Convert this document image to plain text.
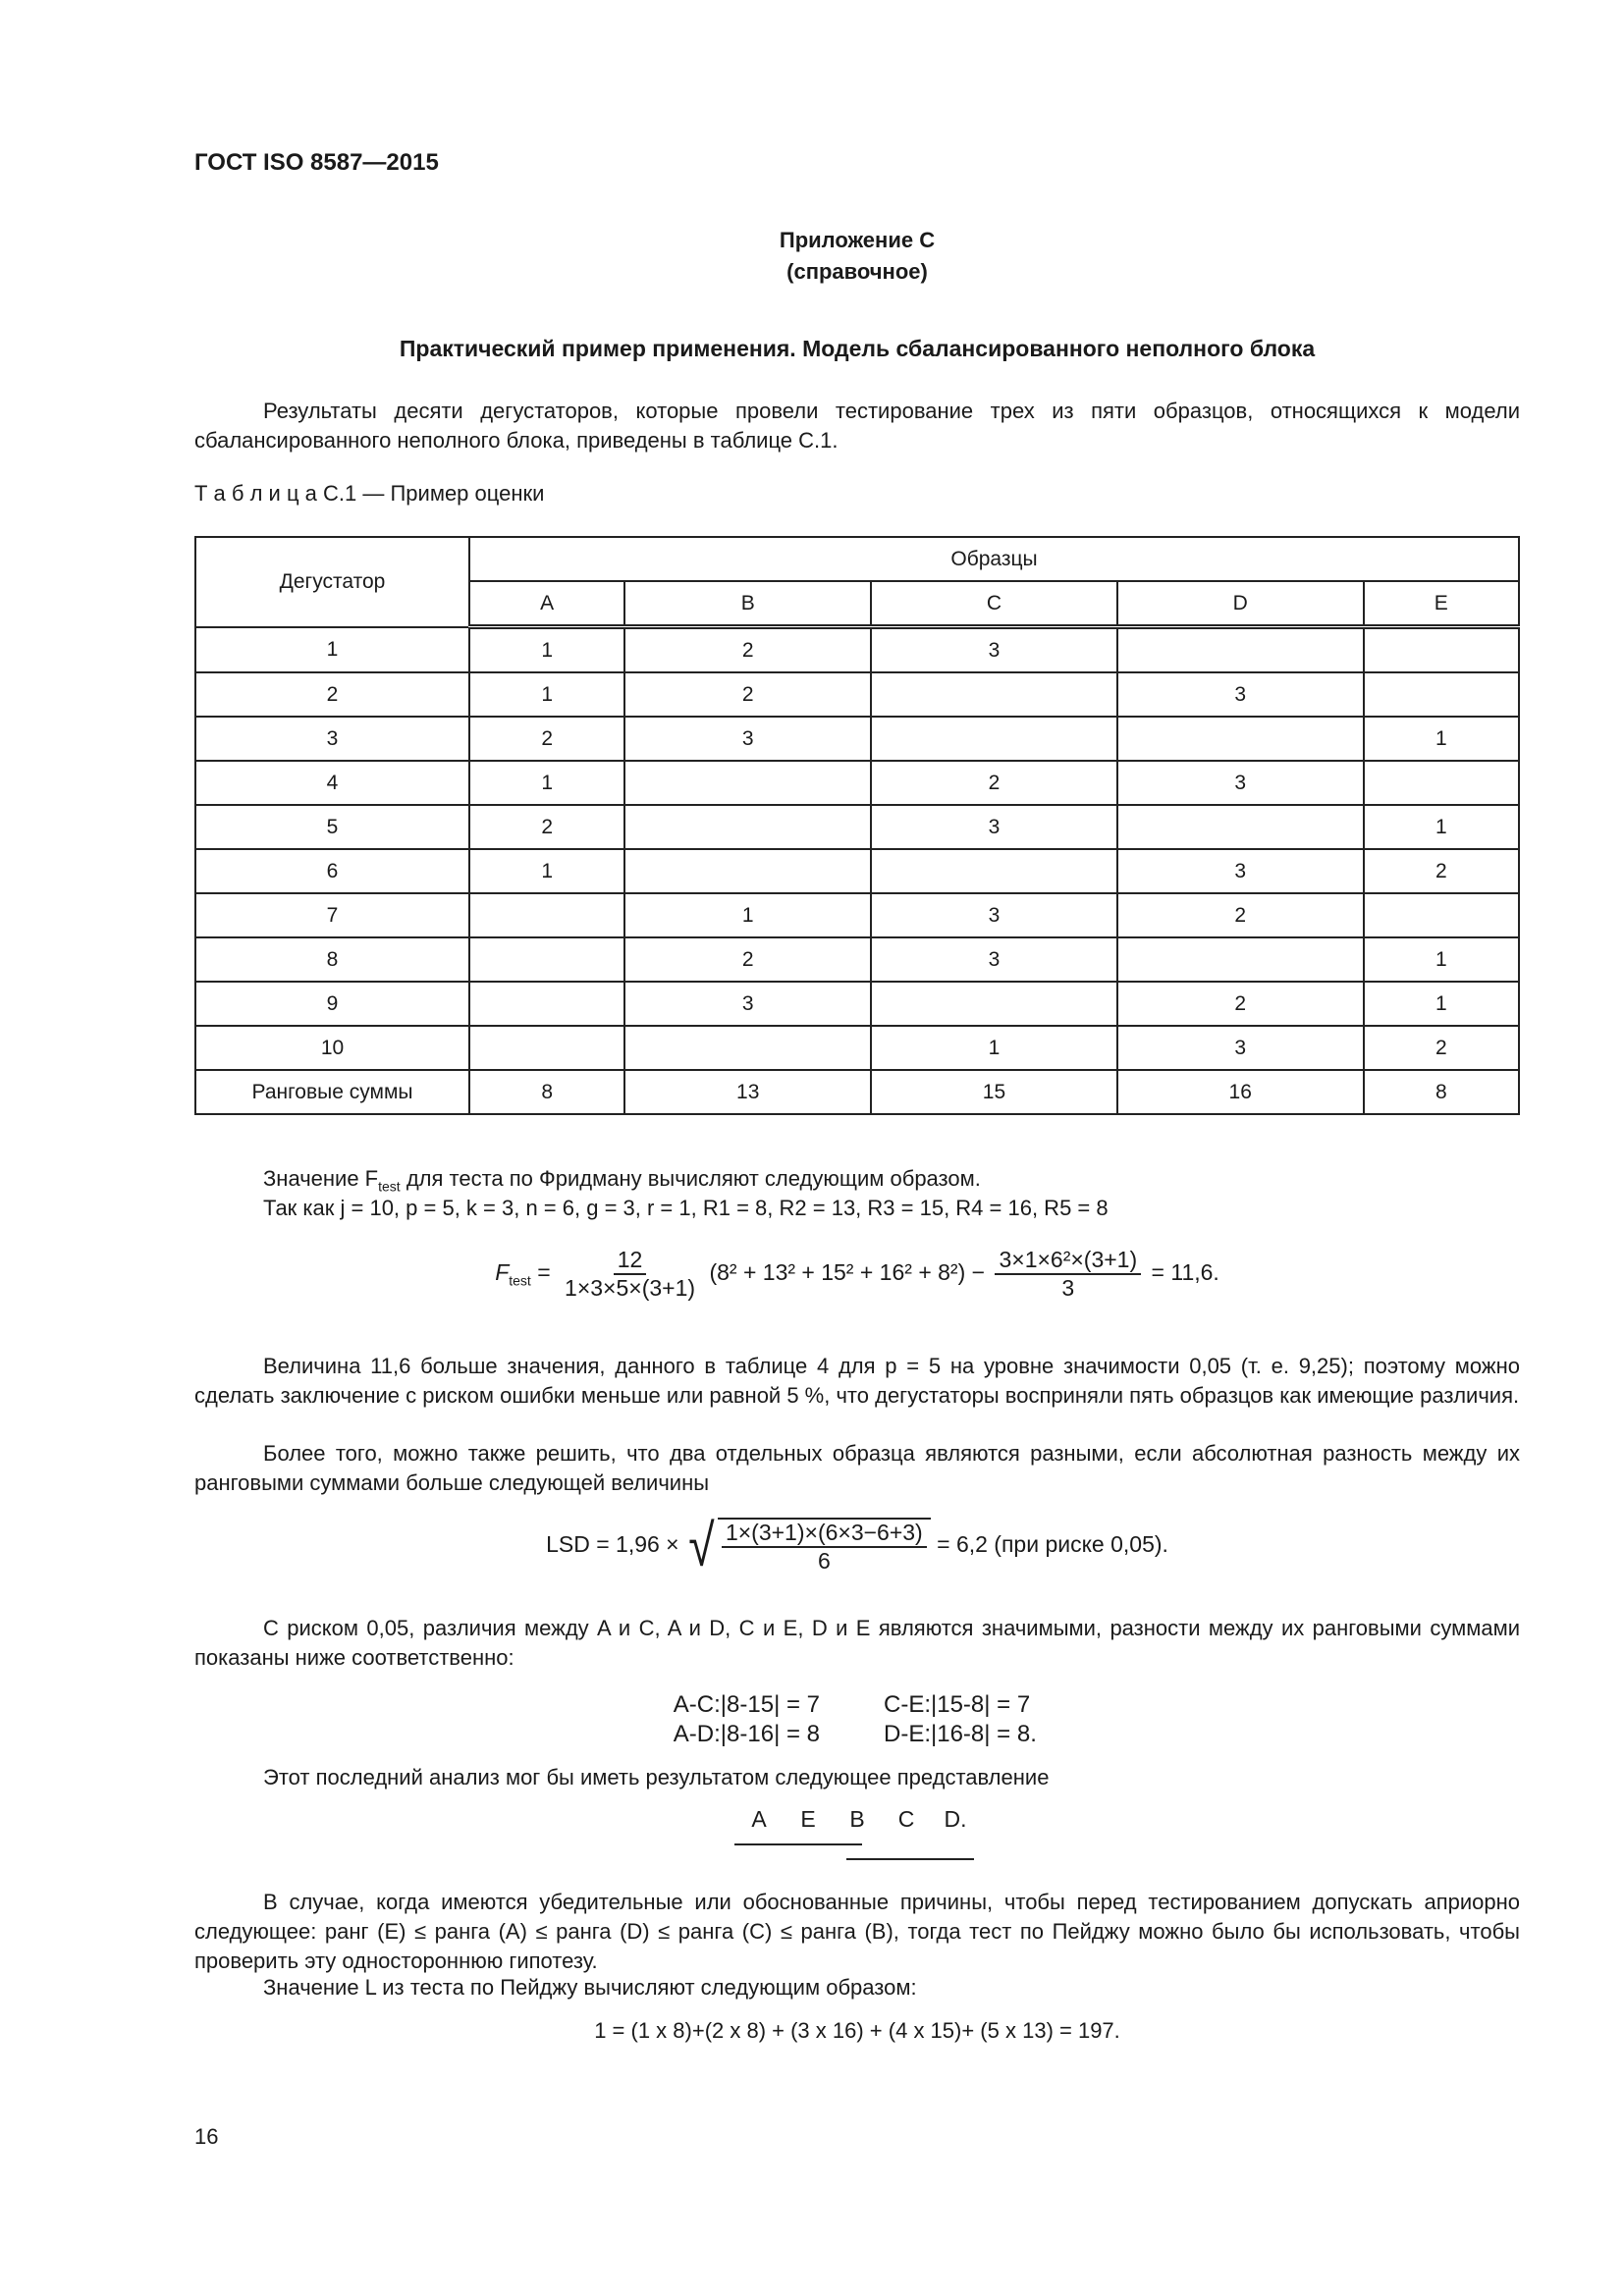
ГОСТ ISO 8587—2015
Приложение С
(справочное)
Практический пример применения. Модель сбалансированного неполного блока
Результаты десяти дегустаторов, которые провели тестирование трех из пяти образцов, относящихся к модели сбалансированного неполного блока, приведены в таблице С.1.
Т а б л и ц а С.1 — Пример оценки
Дегустатор	Образцы				
	A	B	C	D	E
1	1	2	3		
2	1	2		3	
3	2	3			1
4	1		2	3	
5	2		3		1
6	1			3	2
7		1	3	2	
8		2	3		1
9		3		2	1
10			1	3	2
Ранговые суммы	8	13	15	16	8
Значение $F_{test}$ для теста по Фридману вычисляют следующим образом.
Так как j = 10, p = 5, k = 3, n = 6, g = 3, r = 1, R1 = 8, R2 = 13, R3 = 15, R4 = 16, R5 = 8
$F_{test} = \frac{12}{1\times 3\times 5\times(3+1)} (8^2 + 13^2 + 15^2 + 16^2 + 8^2) - \frac{\text{3×1×6²×(3+1)}}{3} = 11,6$.
Величина 11,6 больше значения, данного в таблице 4 для p = 5 на уровне значимости 0,05 (т. е. 9,25); поэтому можно сделать заключение с риском ошибки меньше или равной 5 %, что дегустаторы восприняли пять образцов как имеющие различия.
Более того, можно также решить, что два отдельных образца являются разными, если абсолютная разность между их ранговыми суммами больше следующей величины
LSD = 1,96 × √ $\frac{1\times(3+1)\times(6\times 3-6+3)}{6} = 6,2$ (при риске 0,05).
С риском 0,05, различия между A и C, A и D, C и E, D и E являются значимыми, разности между их ранговыми суммами показаны ниже соответственно:
A-C:|8-15| = 7
A-D:|8-16| = 8
C-E:|15-8| = 7
D-E:|16-8| = 8.
Этот последний анализ мог бы иметь результатом следующее представление
A E B C D.
В случае, когда имеются убедительные или обоснованные причины, чтобы перед тестированием допускать априорно следующее: ранг (E) ≤ ранга (A) ≤ ранга (D) ≤ ранга (C) ≤ ранга (B), тогда тест по Пейджу можно было бы использовать, чтобы проверить эту одностороннюю гипотезу.
Значение L из теста по Пейджу вычисляют следующим образом:
1 = (1 x 8)+(2 x 8) + (3 x 16) + (4 x 15)+ (5 x 13) = 197.
16
